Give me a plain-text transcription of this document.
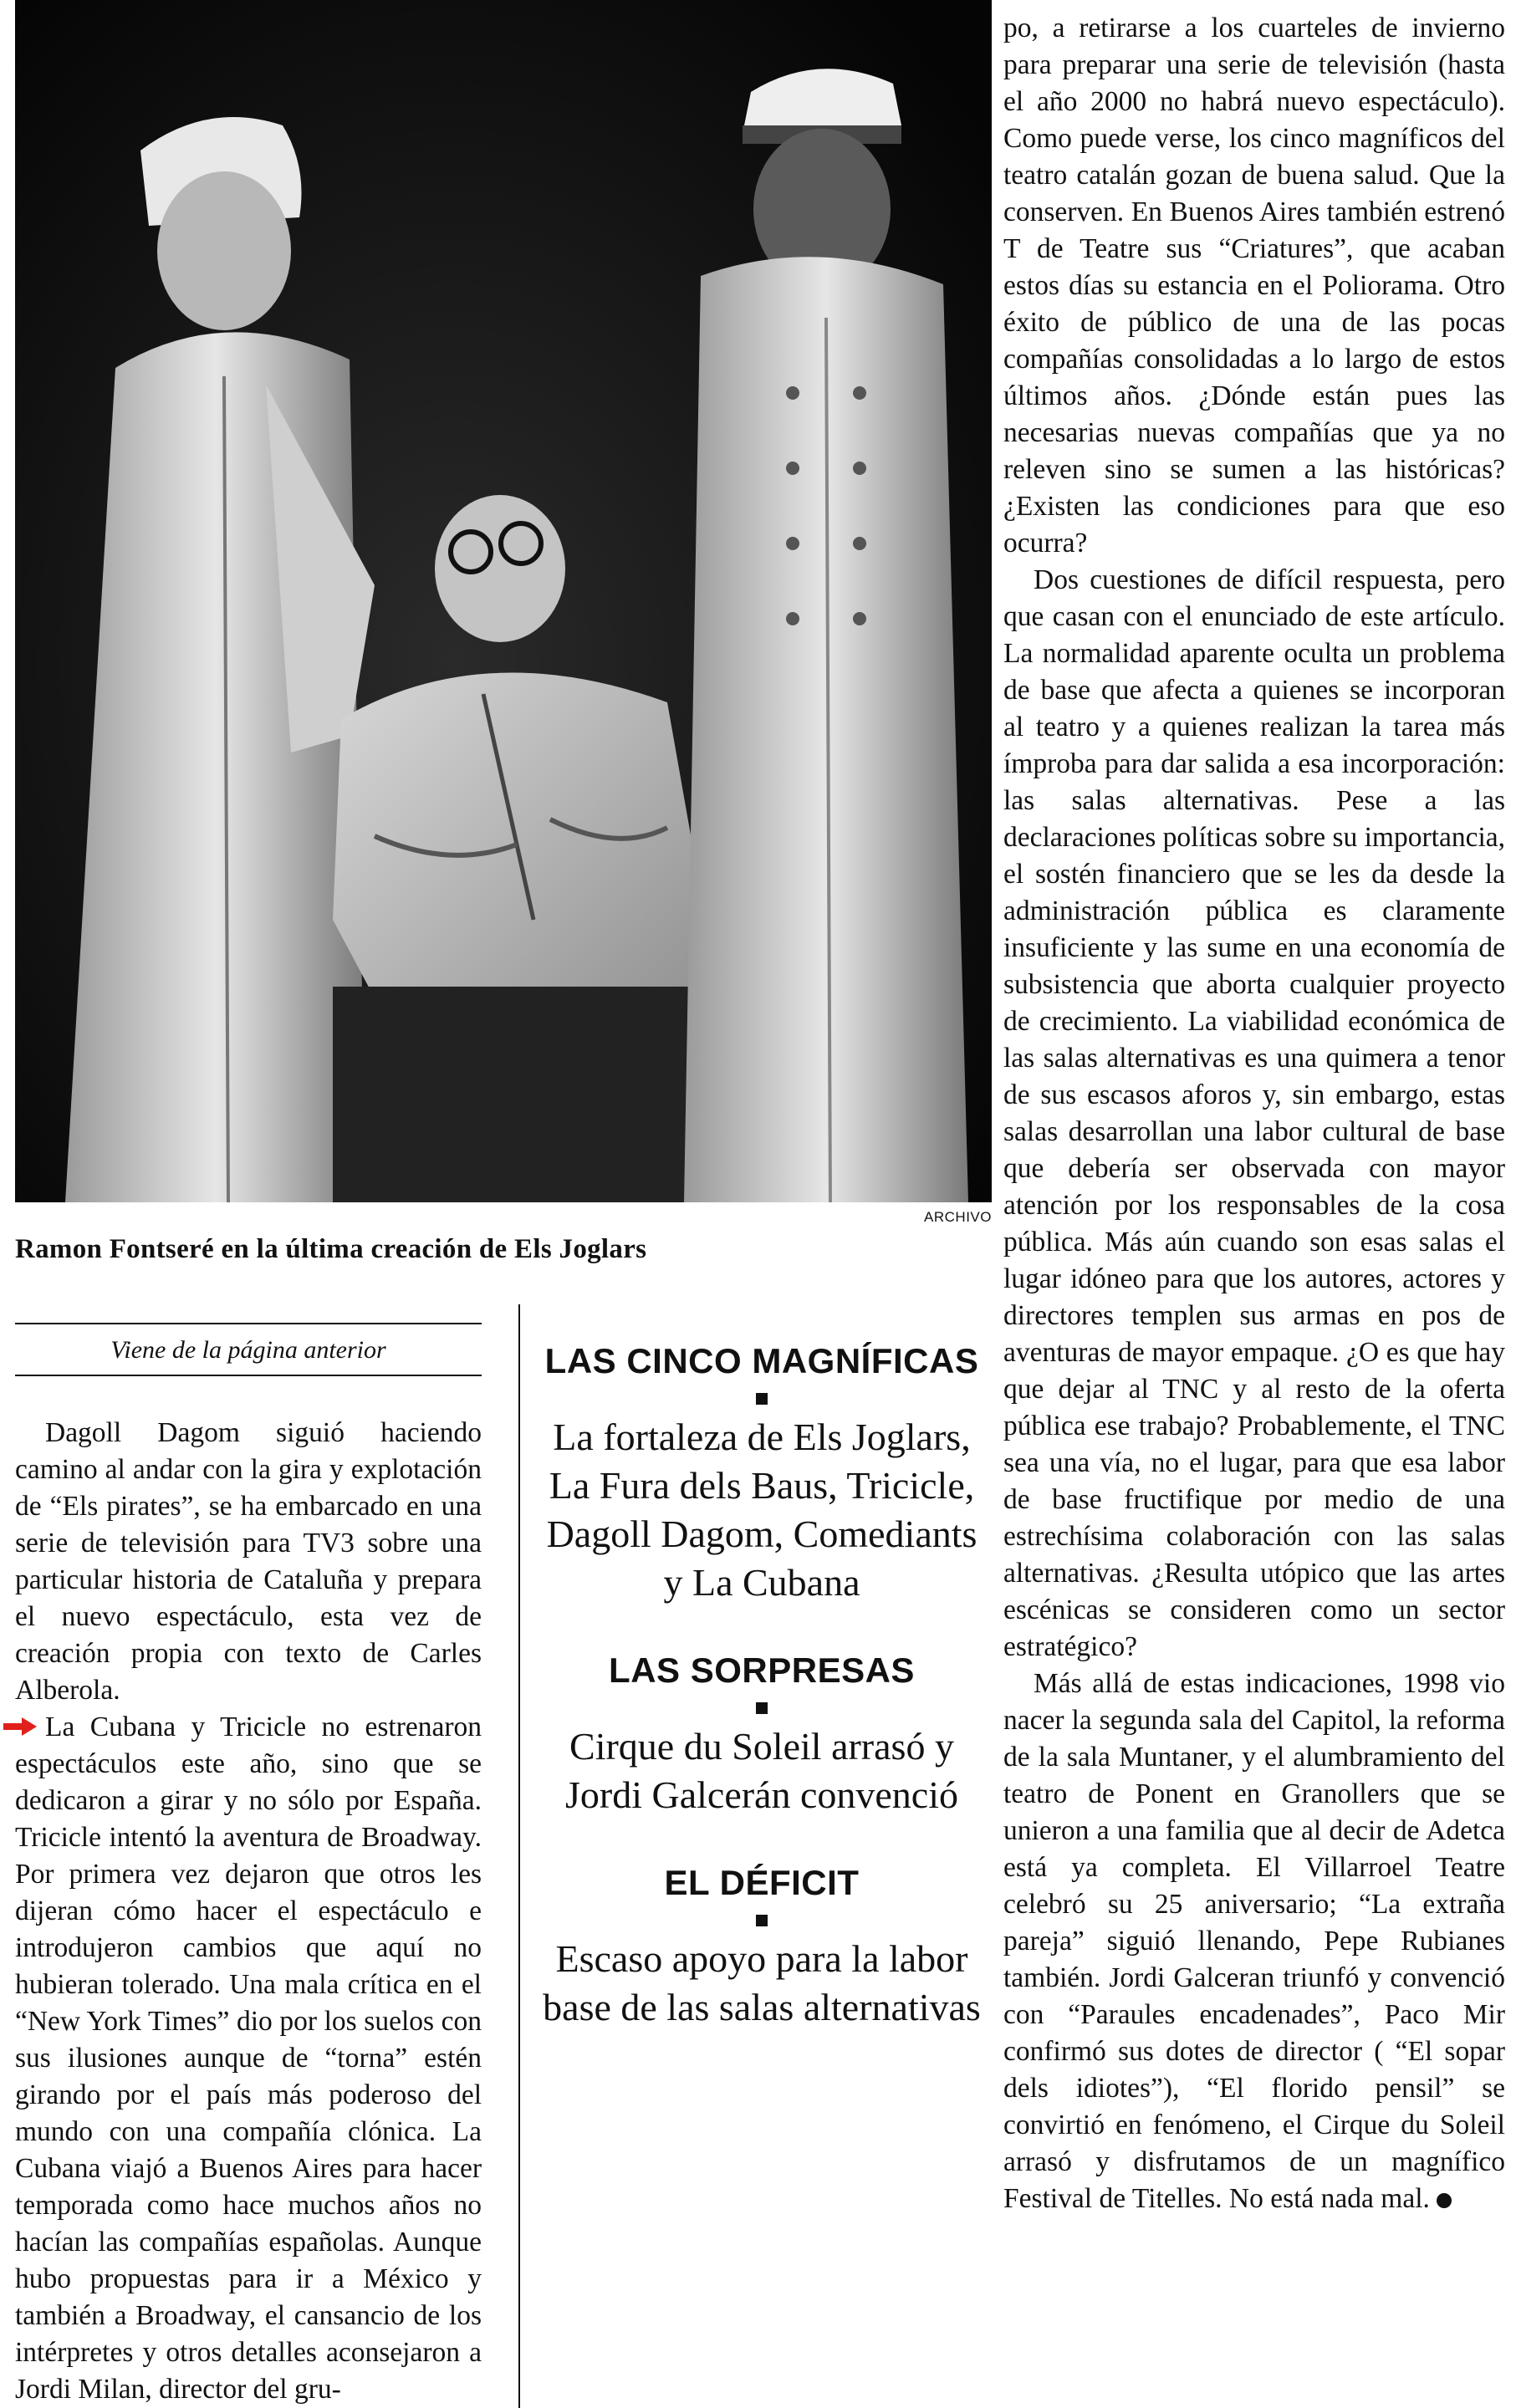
ARCHIVO
Ramon Fontseré en la última creación de Els Joglars
Viene de la página anterior

Dagoll Dagom siguió haciendo camino al andar con la gira y explotación de “Els pirates”, se ha embarcado en una serie de televisión para TV3 sobre una particular historia de Cataluña y prepara el nuevo espectáculo, esta vez de creación propia con texto de Carles Alberola.

La Cubana y Tricicle no estrenaron espectáculos este año, sino que se dedicaron a girar y no sólo por España. Tricicle intentó la aventura de Broadway. Por primera vez dejaron que otros les dijeran cómo hacer el espectáculo e introdujeron cambios que aquí no hubieran tolerado. Una mala crítica en el “New York Times” dio por los suelos con sus ilusiones aunque de “torna” estén girando por el país más poderoso del mundo con una compañía clónica. La Cubana viajó a Buenos Aires para hacer temporada como hace muchos años no hacían las compañías españolas. Aunque hubo propuestas para ir a México y también a Broadway, el cansancio de los intérpretes y otros detalles aconsejaron a Jordi Milan, director del gru-

LAS CINCO MAGNÍFICAS

La fortaleza de Els Joglars, La Fura dels Baus, Tricicle, Dagoll Dagom, Comediants y La Cubana

LAS SORPRESAS

Cirque du Soleil arrasó y Jordi Galcerán convenció

EL DÉFICIT

Escaso apoyo para la labor base de las salas alternativas

po, a retirarse a los cuarteles de invierno para preparar una serie de televisión (hasta el año 2000 no habrá nuevo espectáculo). Como puede verse, los cinco magníficos del teatro catalán gozan de buena salud. Que la conserven. En Buenos Aires también estrenó T de Teatre sus “Criatures”, que acaban estos días su estancia en el Poliorama. Otro éxito de público de una de las pocas compañías consolidadas a lo largo de estos últimos años. ¿Dónde están pues las necesarias nuevas compañías que ya no releven sino se sumen a las históricas? ¿Existen las condiciones para que eso ocurra?

Dos cuestiones de difícil respuesta, pero que casan con el enunciado de este artículo. La normalidad aparente oculta un problema de base que afecta a quienes se incorporan al teatro y a quienes realizan la tarea más ímproba para dar salida a esa incorporación: las salas alternativas. Pese a las declaraciones políticas sobre su importancia, el sostén financiero que se les da desde la administración pública es claramente insuficiente y las sume en una economía de subsistencia que aborta cualquier proyecto de crecimiento. La viabilidad económica de las salas alternativas es una quimera a tenor de sus escasos aforos y, sin embargo, estas salas desarrollan una labor cultural de base que debería ser observada con mayor atención por los responsables de la cosa pública. Más aún cuando son esas salas el lugar idóneo para que los autores, actores y directores templen sus armas en pos de aventuras de mayor empaque. ¿O es que hay que dejar al TNC y al resto de la oferta pública ese trabajo? Probablemente, el TNC sea una vía, no el lugar, para que esa labor de base fructifique por medio de una estrechísima colaboración con las salas alternativas. ¿Resulta utópico que las artes escénicas se consideren como un sector estratégico?

Más allá de estas indicaciones, 1998 vio nacer la segunda sala del Capitol, la reforma de la sala Muntaner, y el alumbramiento del teatro de Ponent en Granollers que se unieron a una familia que al decir de Adetca está ya completa. El Villarroel Teatre celebró su 25 aniversario; “La extraña pareja” siguió llenando, Pepe Rubianes también. Jordi Galceran triunfó y convenció con “Paraules encadenades”, Paco Mir confirmó sus dotes de director ( “El sopar dels idiotes”), “El florido pensil” se convirtió en fenómeno, el Cirque du Soleil arrasó y disfrutamos de un magnífico Festival de Titelles. No está nada mal.
